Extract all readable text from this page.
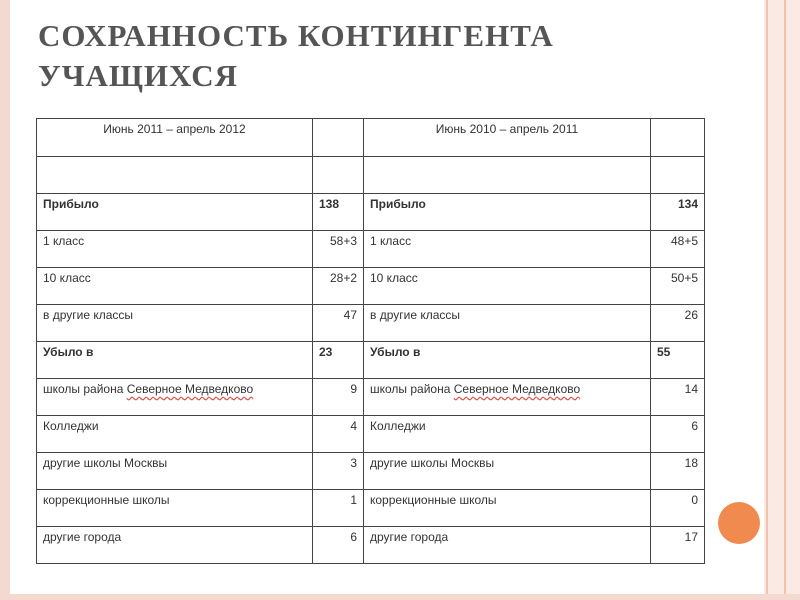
СОХРАННОСТЬ КОНТИНГЕНТА
УЧАЩИХСЯ
Июнь 2011 – апрель 2012		Июнь 2010 – апрель 2011	

Прибыло	138	Прибыло	134
1 класс	58+3	1 класс	48+5
10 класс	28+2	10 класс	50+5
в другие классы	47	в другие классы	26
Убыло в	23	Убыло в	55
школы района Северное Медведково	9	школы района Северное Медведково	14
Колледжи	4	Колледжи	6
другие школы Москвы	3	другие школы Москвы	18
коррекционные школы	1	коррекционные школы	0
другие города	6	другие города	17
